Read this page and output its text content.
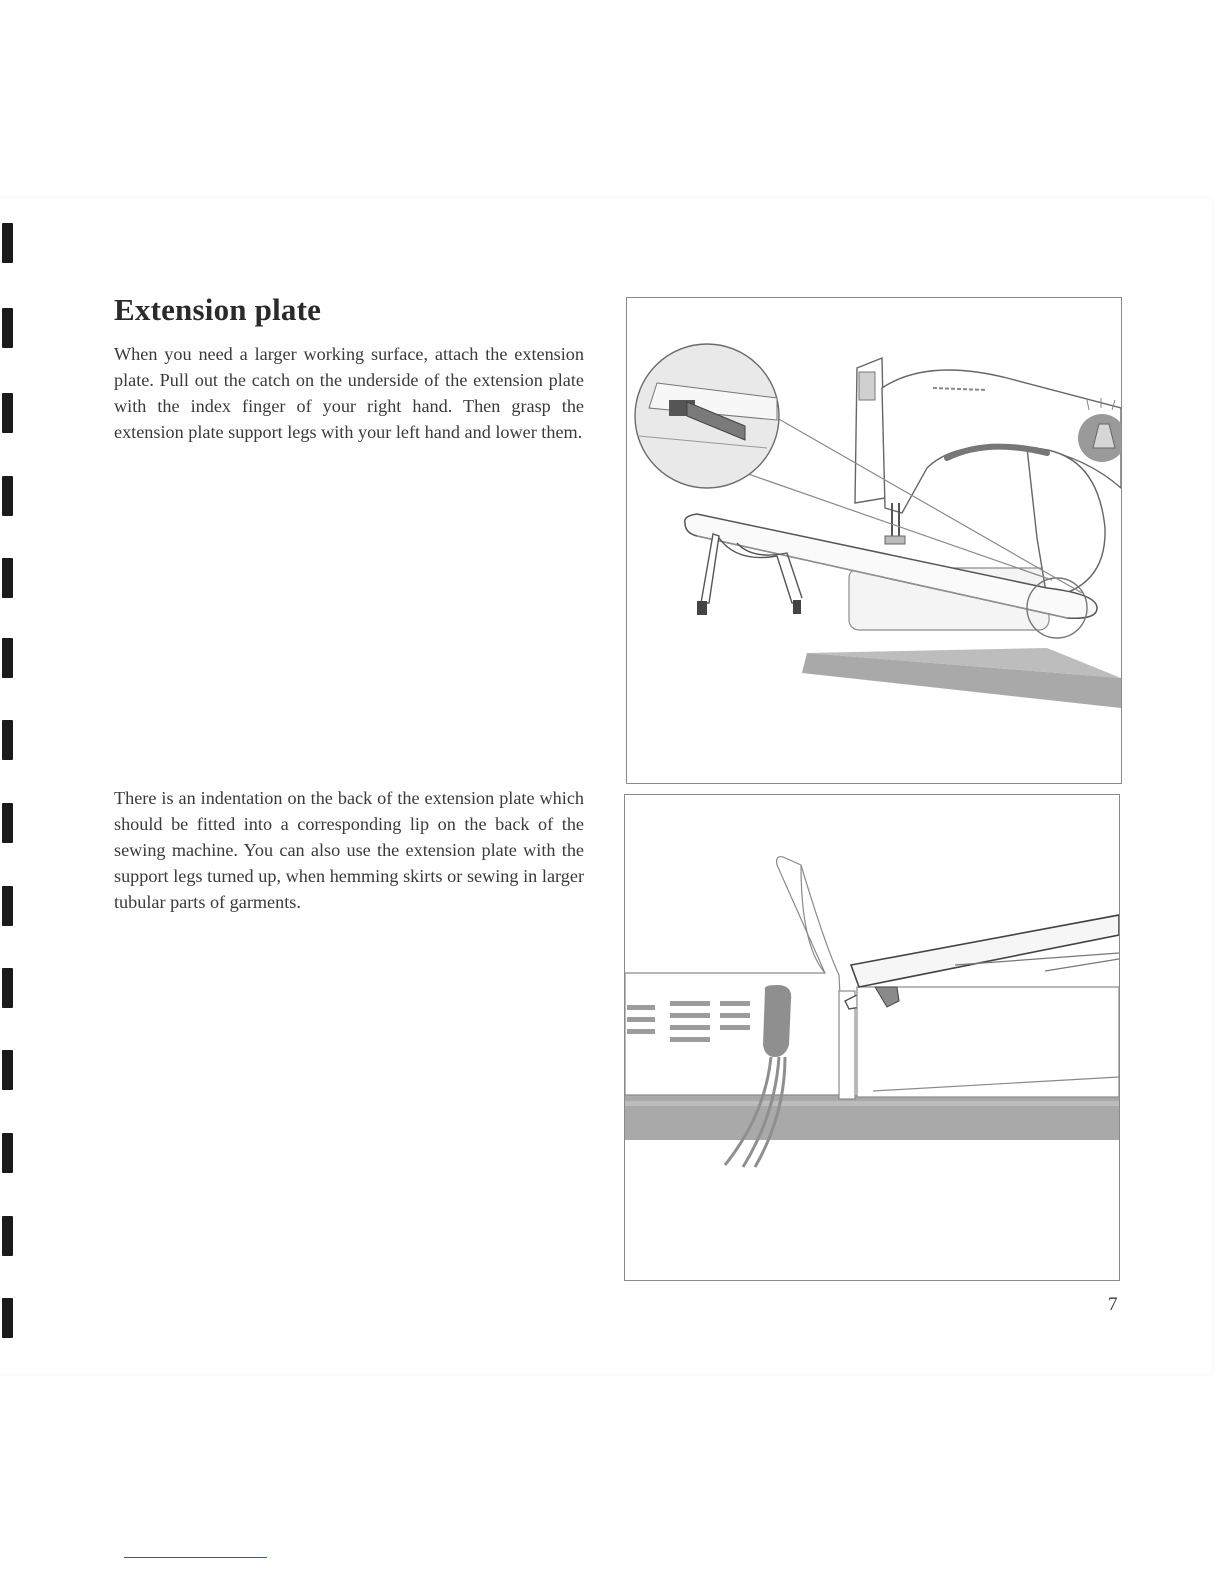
Extension plate

When you need a larger working surface, attach the extension plate. Pull out the catch on the underside of the extension plate with the index finger of your right hand. Then grasp the extension plate support legs with your left hand and lower them.

There is an indentation on the back of the extension plate which should be fitted into a corresponding lip on the back of the sewing machine. You can also use the extension plate with the support legs turned up, when hemming skirts or sewing in larger tubular parts of garments.

7
